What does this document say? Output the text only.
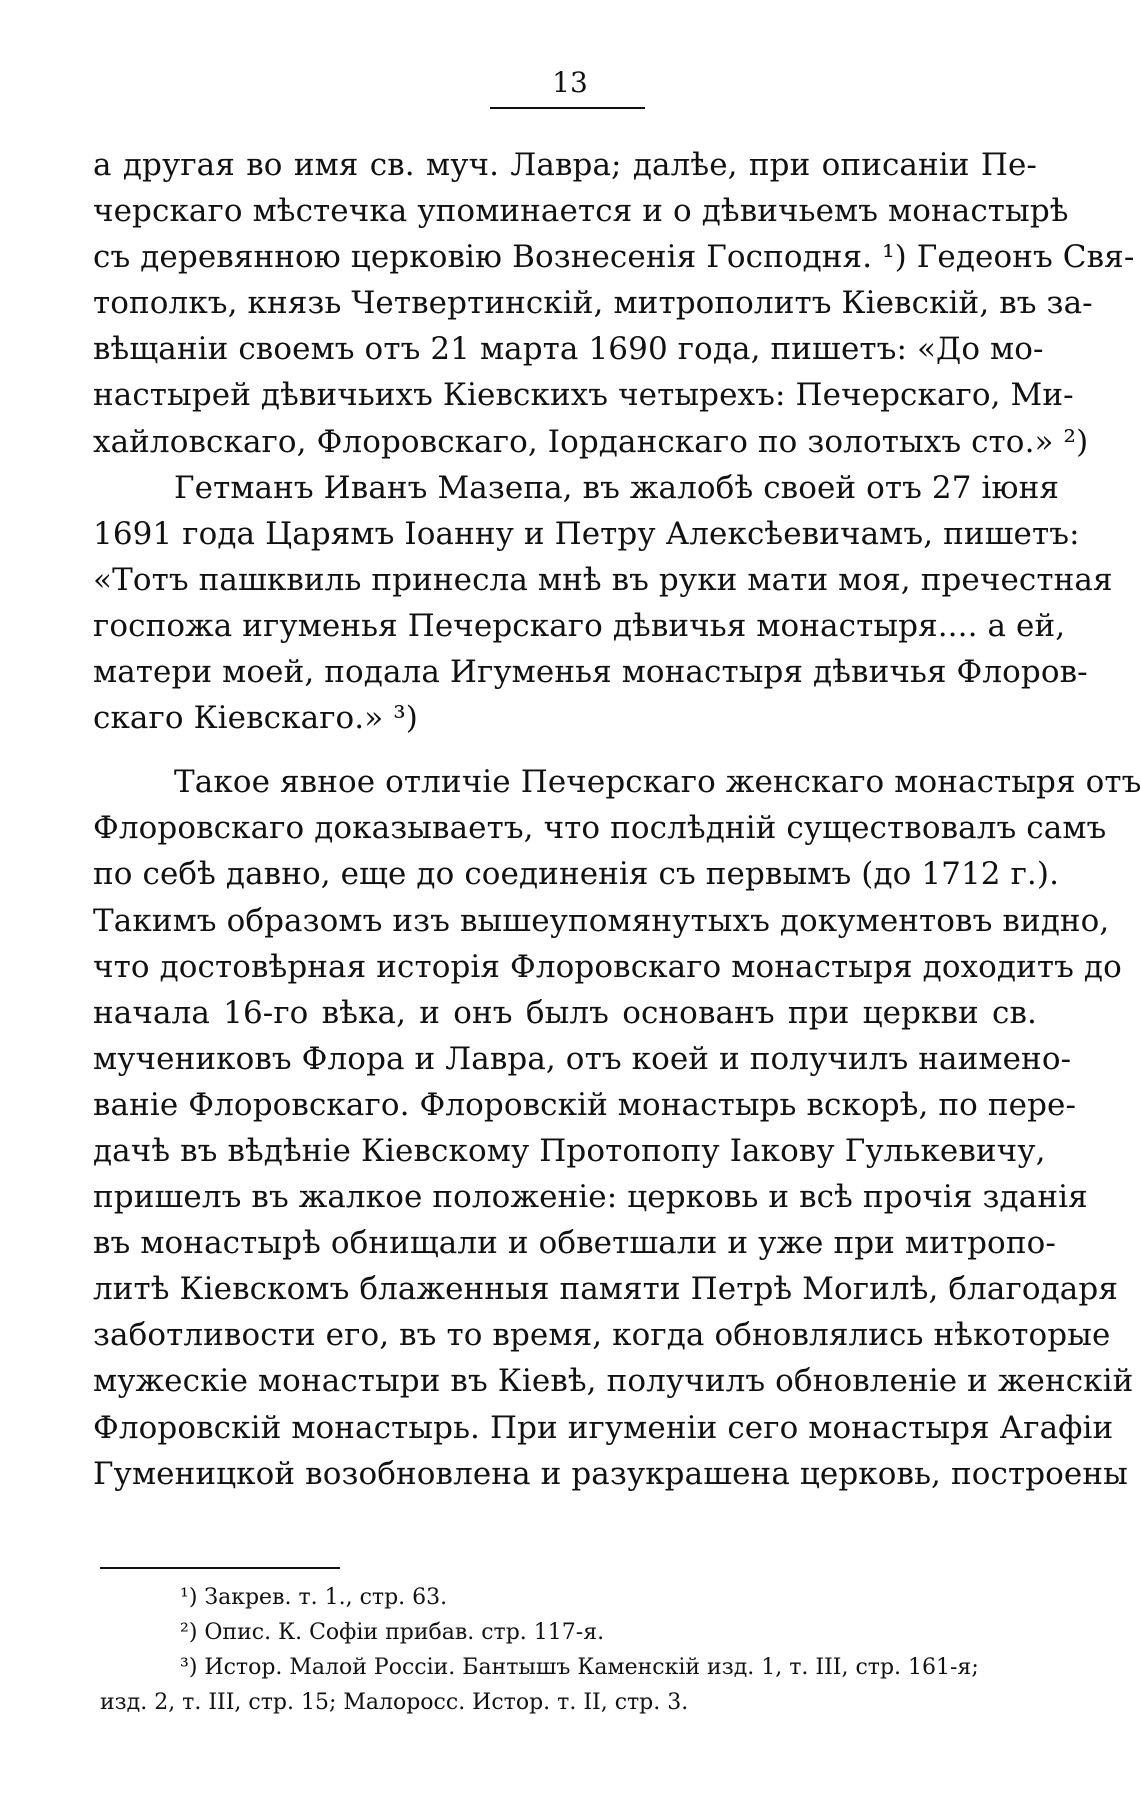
13
а другая во имя св. муч. Лавра; далѣе, при описаніи Пе-
черскаго мѣстечка упоминается и о дѣвичьемъ монастырѣ
съ деревянною церковію Вознесенія Господня. ¹) Гедеонъ Свя-
тополкъ, князь Четвертинскій, митрополитъ Кіевскій, въ за-
вѣщаніи своемъ отъ 21 марта 1690 года, пишетъ: «До мо-
настырей дѣвичьихъ Кіевскихъ четырехъ: Печерскаго, Ми-
хайловскаго, Флоровскаго, Іорданскаго по золотыхъ сто.» ²)
Гетманъ Иванъ Мазепа, въ жалобѣ своей отъ 27 іюня
1691 года Царямъ Іоанну и Петру Алексѣевичамъ, пишетъ:
«Тотъ пашквиль принесла мнѣ въ руки мати моя, пречестная
госпожа игуменья Печерскаго дѣвичья монастыря.... а ей,
матери моей, подала Игуменья монастыря дѣвичья Флоров-
скаго Кіевскаго.» ³)
Такое явное отличіе Печерскаго женскаго монастыря отъ
Флоровскаго доказываетъ, что послѣдній существовалъ самъ
по себѣ давно, еще до соединенія съ первымъ (до 1712 г.).
Такимъ образомъ изъ вышеупомянутыхъ документовъ видно,
что достовѣрная исторія Флоровскаго монастыря доходитъ до
начала 16-го вѣка, и онъ былъ основанъ при церкви св.
мучениковъ Флора и Лавра, отъ коей и получилъ наимено-
ваніе Флоровскаго. Флоровскій монастырь вскорѣ, по пере-
дачѣ въ вѣдѣніе Кіевскому Протопопу Іакову Гулькевичу,
пришелъ въ жалкое положеніе: церковь и всѣ прочія зданія
въ монастырѣ обнищали и обветшали и уже при митропо-
литѣ Кіевскомъ блаженныя памяти Петрѣ Могилѣ, благодаря
заботливости его, въ то время, когда обновлялись нѣкоторые
мужескіе монастыри въ Кіевѣ, получилъ обновленіе и женскій
Флоровскій монастырь. При игуменіи сего монастыря Агафіи
Гуменицкой возобновлена и разукрашена церковь, построены
¹) Закрев. т. 1., стр. 63.
²) Опис. К. Софіи прибав. стр. 117-я.
³) Истор. Малой Россіи. Бантышъ Каменскій изд. 1, т. III, стр. 161-я;
изд. 2, т. III, стр. 15; Малоросс. Истор. т. II, стр. 3.
